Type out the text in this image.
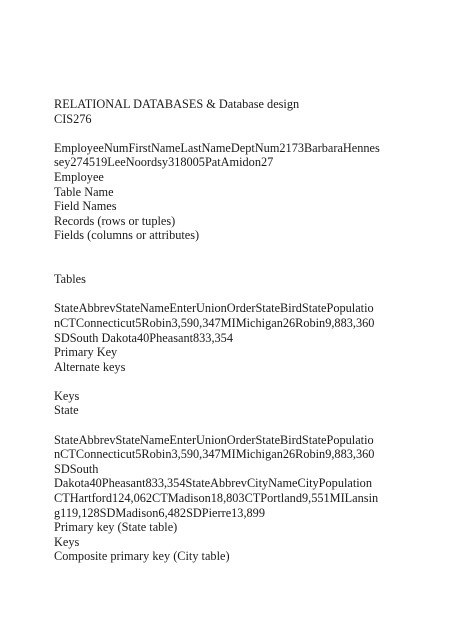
RELATIONAL DATABASES & Database design
CIS276
EmployeeNumFirstNameLastNameDeptNum2173BarbaraHennes
sey274519LeeNoordsy318005PatAmidon27
Employee
Table Name
Field Names
Records (rows or tuples)
Fields (columns or attributes)
Tables
StateAbbrevStateNameEnterUnionOrderStateBirdStatePopulatio
nCTConnecticut5Robin3,590,347MIMichigan26Robin9,883,360
SDSouth Dakota40Pheasant833,354
Primary Key
Alternate keys
Keys
State
StateAbbrevStateNameEnterUnionOrderStateBirdStatePopulatio
nCTConnecticut5Robin3,590,347MIMichigan26Robin9,883,360
SDSouth
Dakota40Pheasant833,354StateAbbrevCityNameCityPopulation
CTHartford124,062CTMadison18,803CTPortland9,551MILansin
g119,128SDMadison6,482SDPierre13,899
Primary key (State table)
Keys
Composite primary key (City table)
